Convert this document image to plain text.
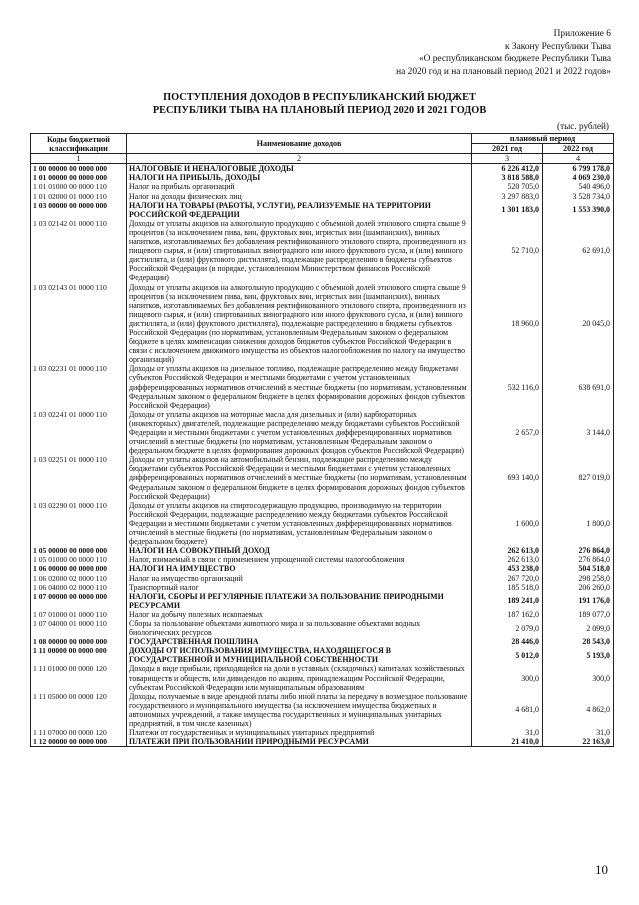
Приложение 6
к Закону Республики Тыва
«О республиканском бюджете Республики Тыва
на 2020 год и на плановый период 2021 и 2022 годов»
ПОСТУПЛЕНИЯ ДОХОДОВ В РЕСПУБЛИКАНСКИЙ БЮДЖЕТ
РЕСПУБЛИКИ ТЫВА НА ПЛАНОВЫЙ ПЕРИОД 2020 И 2021 ГОДОВ
(тыс. рублей)
Коды бюджетной классификации	Наименование доходов	плановый период	
		2021 год	2022 год
1	2	3	4
1 00 00000 00 0000 000	НАЛОГОВЫЕ И НЕНАЛОГОВЫЕ ДОХОДЫ	6 226 412,0	6 799 178,0
1 01 00000 00 0000 000	НАЛОГИ НА ПРИБЫЛЬ, ДОХОДЫ	3 818 588,0	4 069 230,0
1 01 01000 00 0000 110	Налог на прибыль организаций	520 705,0	540 496,0
1 01 02000 01 0000 110	Налог на доходы физических лиц	3 297 883,0	3 528 734,0
1 03 00000 00 0000 000	НАЛОГИ НА ТОВАРЫ (РАБОТЫ, УСЛУГИ), РЕАЛИЗУЕМЫЕ НА ТЕРРИТОРИИ РОССИЙСКОЙ ФЕДЕРАЦИИ	1 301 183,0	1 553 390,0
1 03 02142 01 0000 110	Доходы от уплаты акцизов на алкогольную продукцию с объемной долей этилового спирта свыше 9 процентов (за исключением пива, вин, фруктовых вин, игристых вин (шампанских), винных напитков, изготавливаемых без добавления ректификованного этилового спирта, произведенного из пищевого сырья, и (или) спиртованных виноградного или иного фруктового сусла, и (или) винного дистиллята, и (или) фруктового дистиллята), подлежащие распределению в бюджеты субъектов Российской Федерации (в порядке, установленном Министерством финансов Российской Федерации)	52 710,0	62 691,0
1 03 02143 01 0000 110	Доходы от уплаты акцизов на алкогольную продукцию с объемной долей этилового спирта свыше 9 процентов (за исключением пива, вин, фруктовых вин, игристых вин (шампанских), винных напитков, изготавливаемых без добавления ректификованного этилового спирта, произведенного из пищевого сырья, и (или) спиртованных виноградного или иного фруктового сусла, и (или) винного дистиллята, и (или) фруктового дистиллята), подлежащие распределению в бюджеты субъектов Российской Федерации (по нормативам, установленным Федеральным законом о федеральном бюджете в целях компенсации снижения доходов бюджетов субъектов Российской Федерации в связи с исключением движимого имущества из объектов налогообложения по налогу на имущество организаций)	18 960,0	20 045,0
1 03 02231 01 0000 110	Доходы от уплаты акцизов на дизельное топливо, подлежащие распределению между бюджетами субъектов Российской Федерации и местными бюджетами с учетом установленных дифференцированных нормативов отчислений в местные бюджеты (по нормативам, установленным Федеральным законом о федеральном бюджете в целях формирования дорожных фондов субъектов Российской Федерации)	532 116,0	638 691,0
1 03 02241 01 0000 110	Доходы от уплаты акцизов на моторные масла для дизельных и (или) карбюраторных (инжекторных) двигателей, подлежащие распределению между бюджетами субъектов Российской Федерации и местными бюджетами с учетом установленных дифференцированных нормативов отчислений в местные бюджеты (по нормативам, установленным Федеральным законом о федеральном бюджете в целях формирования дорожных фондов субъектов Российской Федерации)	2 657,0	3 144,0
1 03 02251 01 0000 110	Доходы от уплаты акцизов на автомобильный бензин, подлежащие распределению между бюджетами субъектов Российской Федерации и местными бюджетами с учетом установленных дифференцированных нормативов отчислений в местные бюджеты (по нормативам, установленным Федеральным законом о федеральном бюджете в целях формирования дорожных фондов субъектов Российской Федерации)	693 140,0	827 019,0
1 03 02290 01 0000 110	Доходы от уплаты акцизов на спиртосодержащую продукцию, производимую на территории Российской Федерации, подлежащие распределению между бюджетами субъектов Российской Федерации и местными бюджетами с учетом установленных дифференцированных нормативов отчислений в местные бюджеты (по нормативам, установленным Федеральным законом о федеральном бюджете)	1 600,0	1 800,0
1 05 00000 00 0000 000	НАЛОГИ НА СОВОКУПНЫЙ ДОХОД	262 613,0	276 864,0
1 05 01000 00 0000 110	Налог, взимаемый в связи с применением упрощенной системы налогообложения	262 613,0	276 864,0
1 06 00000 00 0000 000	НАЛОГИ НА ИМУЩЕСТВО	453 238,0	504 518,0
1 06 02000 02 0000 110	Налог на имущество организаций	267 720,0	298 258,0
1 06 04000 02 0000 110	Транспортный налог	185 518,0	206 260,0
1 07 00000 00 0000 000	НАЛОГИ, СБОРЫ И РЕГУЛЯРНЫЕ ПЛАТЕЖИ ЗА ПОЛЬЗОВАНИЕ ПРИРОДНЫМИ РЕСУРСАМИ	189 241,0	191 176,0
1 07 01000 01 0000 110	Налог на добычу полезных ископаемых	187 162,0	189 077,0
1 07 04000 01 0000 110	Сборы за пользование объектами животного мира и за пользование объектами водных биологических ресурсов	2 079,0	2 099,0
1 08 00000 00 0000 000	ГОСУДАРСТВЕННАЯ ПОШЛИНА	28 446,0	28 543,0
1 11 00000 00 0000 000	ДОХОДЫ ОТ ИСПОЛЬЗОВАНИЯ ИМУЩЕСТВА, НАХОДЯЩЕГОСЯ В ГОСУДАРСТВЕННОЙ И МУНИЦИПАЛЬНОЙ СОБСТВЕННОСТИ	5 012,0	5 193,0
1 11 01000 00 0000 120	Доходы в виде прибыли, приходящейся на доли в уставных (складочных) капиталах хозяйственных товариществ и обществ, или дивидендов по акциям, принадлежащим Российской Федерации, субъектам Российской Федерации или муниципальным образованиям	300,0	300,0
1 11 05000 00 0000 120	Доходы, получаемые в виде арендной платы либо иной платы за передачу в возмездное пользование государственного и муниципального имущества (за исключением имущества бюджетных и автономных учреждений, а также имущества государственных и муниципальных унитарных предприятий, в том числе казенных)	4 681,0	4 862,0
1 11 07000 00 0000 120	Платежи от государственных и муниципальных унитарных предприятий	31,0	31,0
1 12 00000 00 0000 000	ПЛАТЕЖИ ПРИ ПОЛЬЗОВАНИИ ПРИРОДНЫМИ РЕСУРСАМИ	21 410,0	22 163,0
10
